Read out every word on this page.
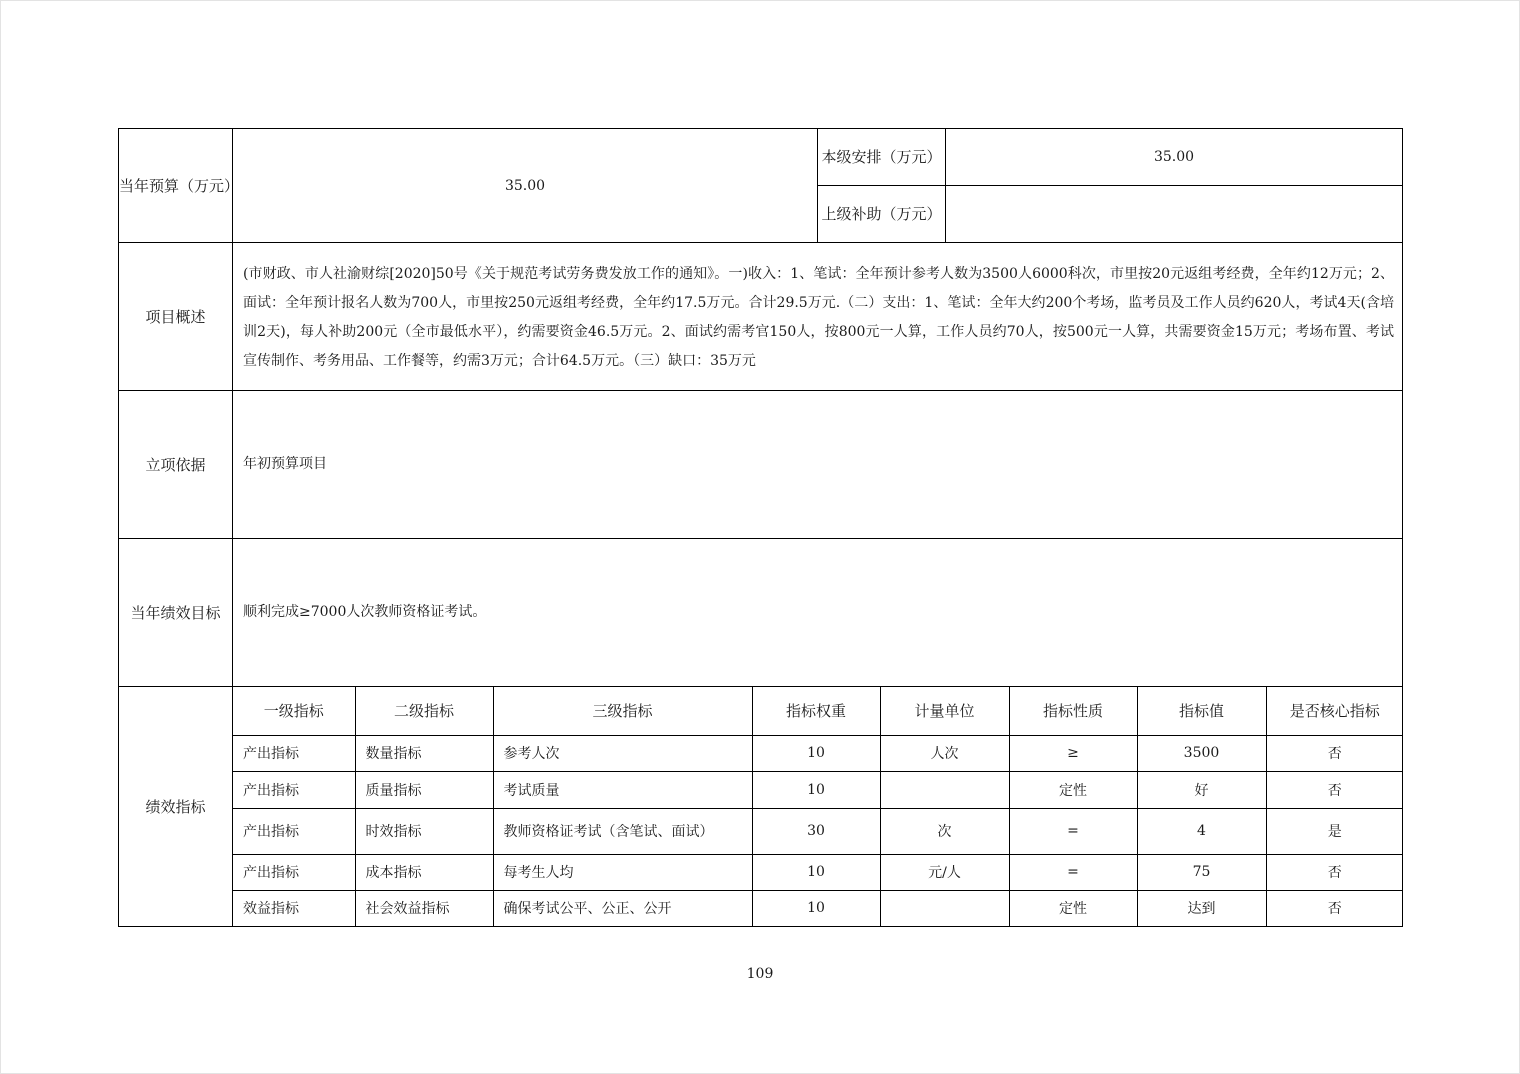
当年预算（万元）	35.00	本级安排（万元）	35.00
上级补助（万元）	
项目概述	(市财政、市人社渝财综[2020]50号《关于规范考试劳务费发放工作的通知》。一)收入：1、笔试：全年预计参考人数为3500人6000科次，市里按20元返组考经费，全年约12万元；2、面试：全年预计报名人数为700人，市里按250元返组考经费，全年约17.5万元。合计29.5万元.（二）支出：1、笔试：全年大约200个考场，监考员及工作人员约620人，考试4天(含培训2天)，每人补助200元（全市最低水平），约需要资金46.5万元。2、面试约需考官150人，按800元一人算，工作人员约70人，按500元一人算，共需要资金15万元；考场布置、考试宣传制作、考务用品、工作餐等，约需3万元；合计64.5万元。（三）缺口：35万元
立项依据	年初预算项目
当年绩效目标	顺利完成≥7000人次教师资格证考试。
绩效指标	
一级指标	二级指标	三级指标	指标权重	计量单位	指标性质	指标值	是否核心指标
产出指标	数量指标	参考人次	10	人次	≥	3500	否
产出指标	质量指标	考试质量	10		定性	好	否
产出指标	时效指标	教师资格证考试（含笔试、面试）	30	次	=	4	是
产出指标	成本指标	每考生人均	10	元/人	=	75	否
效益指标	社会效益指标	确保考试公平、公正、公开	10		定性	达到	否
109
